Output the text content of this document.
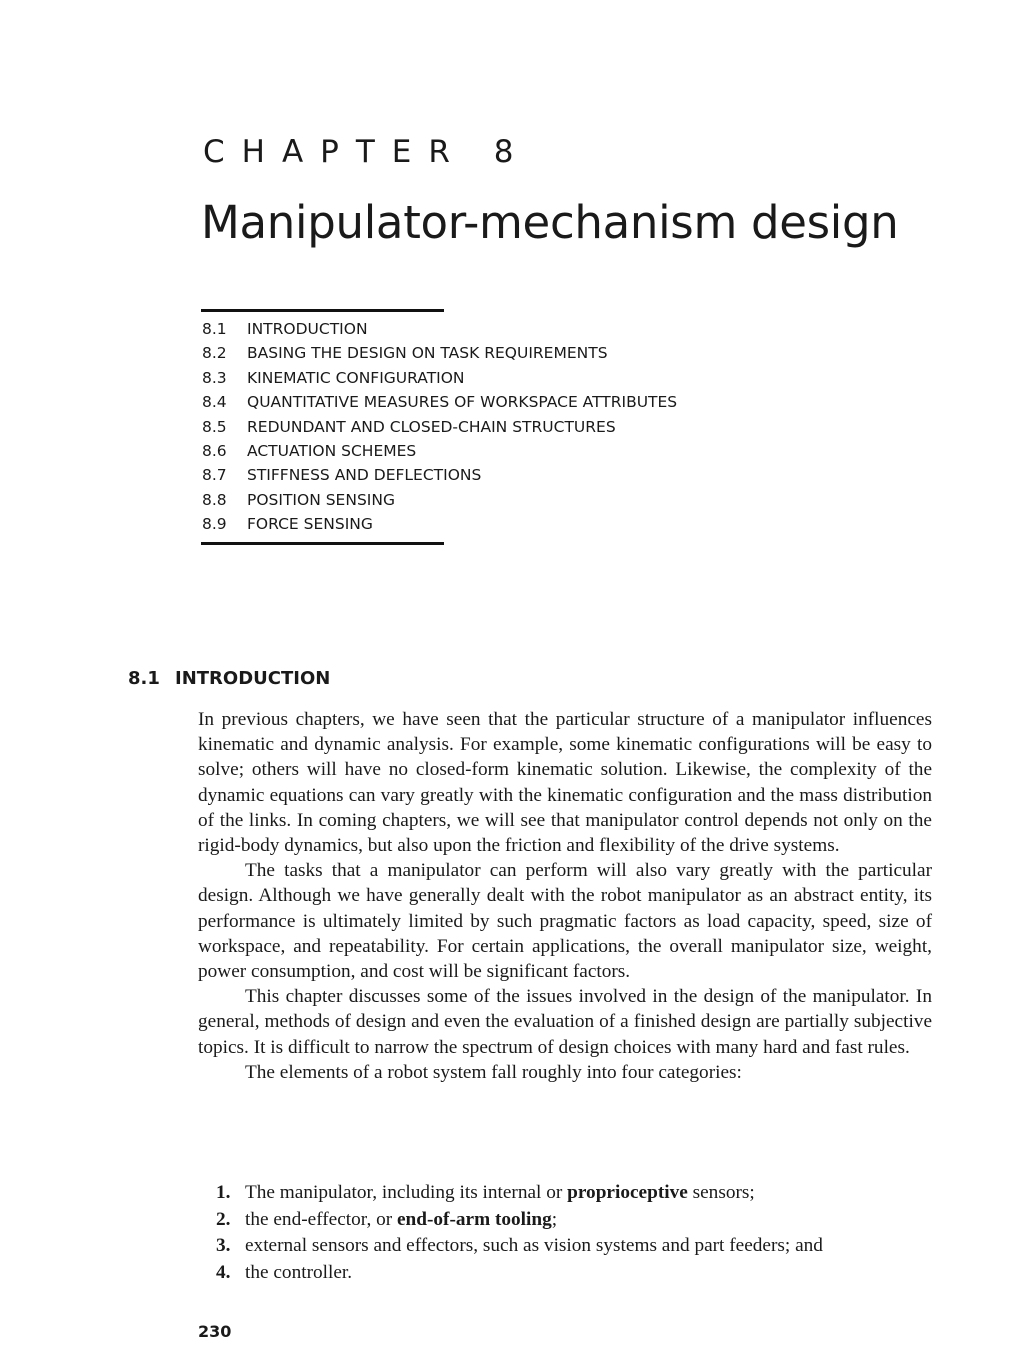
CHAPTER 8
Manipulator-mechanism design
8.1 INTRODUCTION
8.2 BASING THE DESIGN ON TASK REQUIREMENTS
8.3 KINEMATIC CONFIGURATION
8.4 QUANTITATIVE MEASURES OF WORKSPACE ATTRIBUTES
8.5 REDUNDANT AND CLOSED-CHAIN STRUCTURES
8.6 ACTUATION SCHEMES
8.7 STIFFNESS AND DEFLECTIONS
8.8 POSITION SENSING
8.9 FORCE SENSING
8.1 INTRODUCTION

In previous chapters, we have seen that the particular structure of a manipulator influences kinematic and dynamic analysis. For example, some kinematic configurations will be easy to solve; others will have no closed-form kinematic solution. Likewise, the complexity of the dynamic equations can vary greatly with the kinematic configuration and the mass distribution of the links. In coming chapters, we will see that manipulator control depends not only on the rigid-body dynamics, but also upon the friction and flexibility of the drive systems.

The tasks that a manipulator can perform will also vary greatly with the particular design. Although we have generally dealt with the robot manipulator as an abstract entity, its performance is ultimately limited by such pragmatic factors as load capacity, speed, size of workspace, and repeatability. For certain applications, the overall manipulator size, weight, power consumption, and cost will be significant factors.

This chapter discusses some of the issues involved in the design of the manipulator. In general, methods of design and even the evaluation of a finished design are partially subjective topics. It is difficult to narrow the spectrum of design choices with many hard and fast rules.

The elements of a robot system fall roughly into four categories:

1. The manipulator, including its internal or proprioceptive sensors;
2. the end-effector, or end-of-arm tooling;
3. external sensors and effectors, such as vision systems and part feeders; and
4. the controller.
230
